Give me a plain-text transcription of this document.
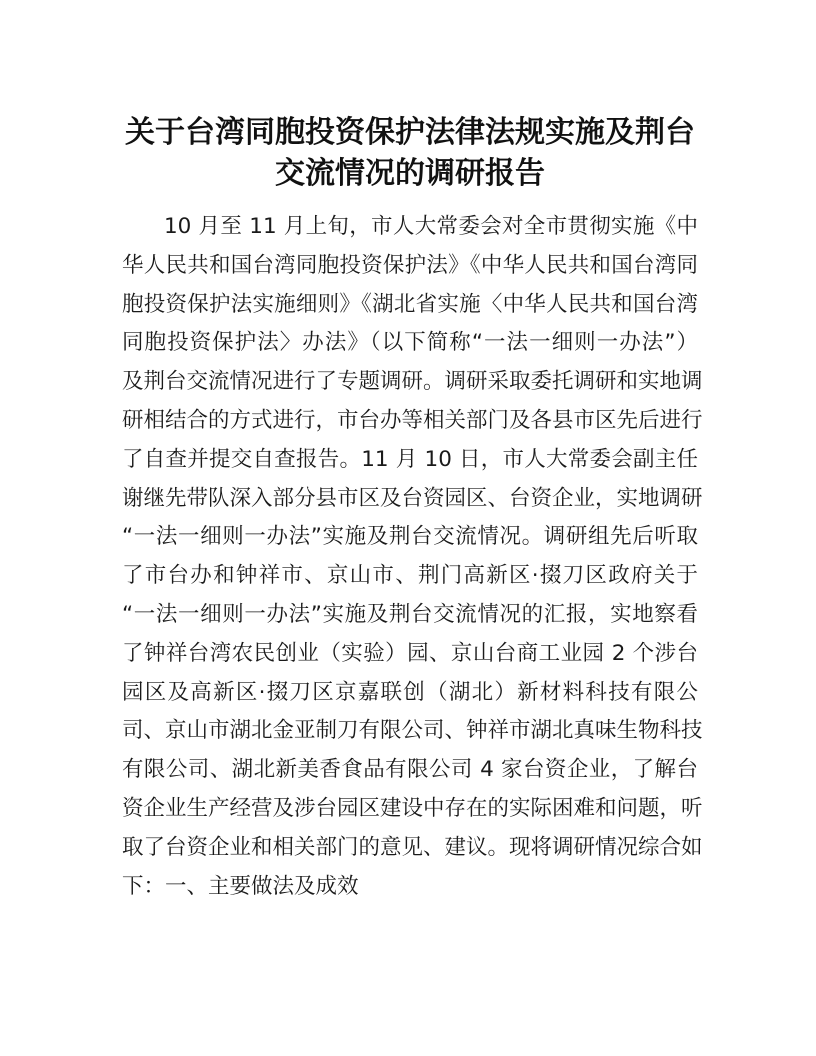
关于台湾同胞投资保护法律法规实施及荆台
交流情况的调研报告
10 月至 11 月上旬，市人大常委会对全市贯彻实施《中
华人民共和国台湾同胞投资保护法》《中华人民共和国台湾同
胞投资保护法实施细则》《湖北省实施〈中华人民共和国台湾
同胞投资保护法〉办法》（以下简称“一法一细则一办法”）
及荆台交流情况进行了专题调研。调研采取委托调研和实地调
研相结合的方式进行，市台办等相关部门及各县市区先后进行
了自查并提交自查报告。11 月 10 日，市人大常委会副主任
谢继先带队深入部分县市区及台资园区、台资企业，实地调研
“一法一细则一办法”实施及荆台交流情况。调研组先后听取
了市台办和钟祥市、京山市、荆门高新区·掇刀区政府关于
“一法一细则一办法”实施及荆台交流情况的汇报，实地察看
了钟祥台湾农民创业（实验）园、京山台商工业园 2 个涉台
园区及高新区·掇刀区京嘉联创（湖北）新材料科技有限公
司、京山市湖北金亚制刀有限公司、钟祥市湖北真味生物科技
有限公司、湖北新美香食品有限公司 4 家台资企业，了解台
资企业生产经营及涉台园区建设中存在的实际困难和问题，听
取了台资企业和相关部门的意见、建议。现将调研情况综合如
下：一、主要做法及成效
